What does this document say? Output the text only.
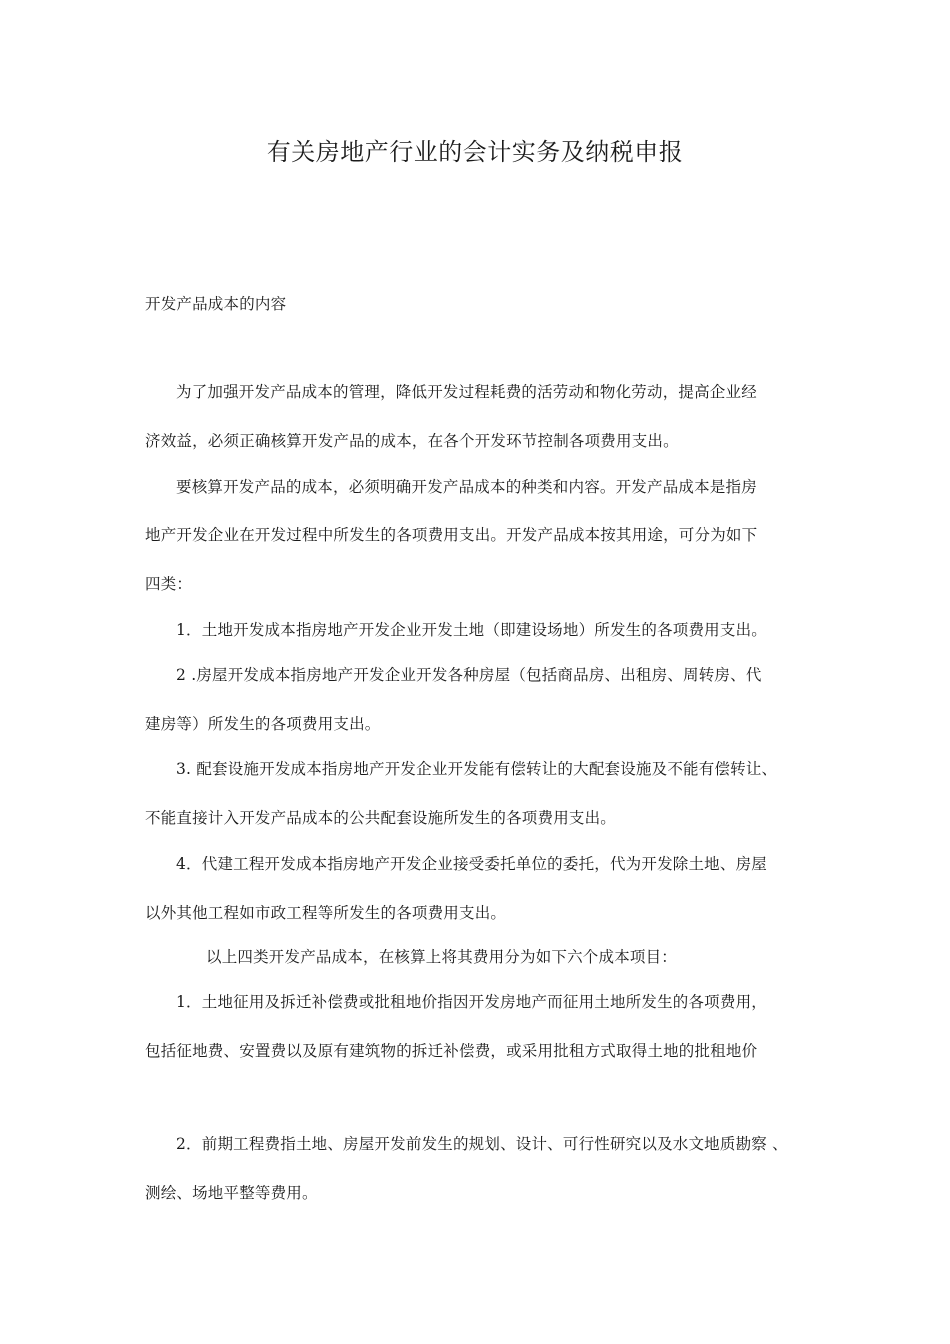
有关房地产行业的会计实务及纳税申报
开发产品成本的内容
为了加强开发产品成本的管理，降低开发过程耗费的活劳动和物化劳动，提高企业经
济效益，必须正确核算开发产品的成本，在各个开发环节控制各项费用支出。
要核算开发产品的成本，必须明确开发产品成本的种类和内容。开发产品成本是指房
地产开发企业在开发过程中所发生的各项费用支出。开发产品成本按其用途，可分为如下
四类：
1．土地开发成本指房地产开发企业开发土地（即建设场地）所发生的各项费用支出。
2 .房屋开发成本指房地产开发企业开发各种房屋（包括商品房、出租房、周转房、代
建房等）所发生的各项费用支出。
3. 配套设施开发成本指房地产开发企业开发能有偿转让的大配套设施及不能有偿转让、
不能直接计入开发产品成本的公共配套设施所发生的各项费用支出。
4．代建工程开发成本指房地产开发企业接受委托单位的委托，代为开发除土地、房屋
以外其他工程如市政工程等所发生的各项费用支出。
以上四类开发产品成本，在核算上将其费用分为如下六个成本项目：
1．土地征用及拆迁补偿费或批租地价指因开发房地产而征用土地所发生的各项费用，
包括征地费、安置费以及原有建筑物的拆迁补偿费，或采用批租方式取得土地的批租地价
2．前期工程费指土地、房屋开发前发生的规划、设计、可行性研究以及水文地质勘察 、
测绘、场地平整等费用。
